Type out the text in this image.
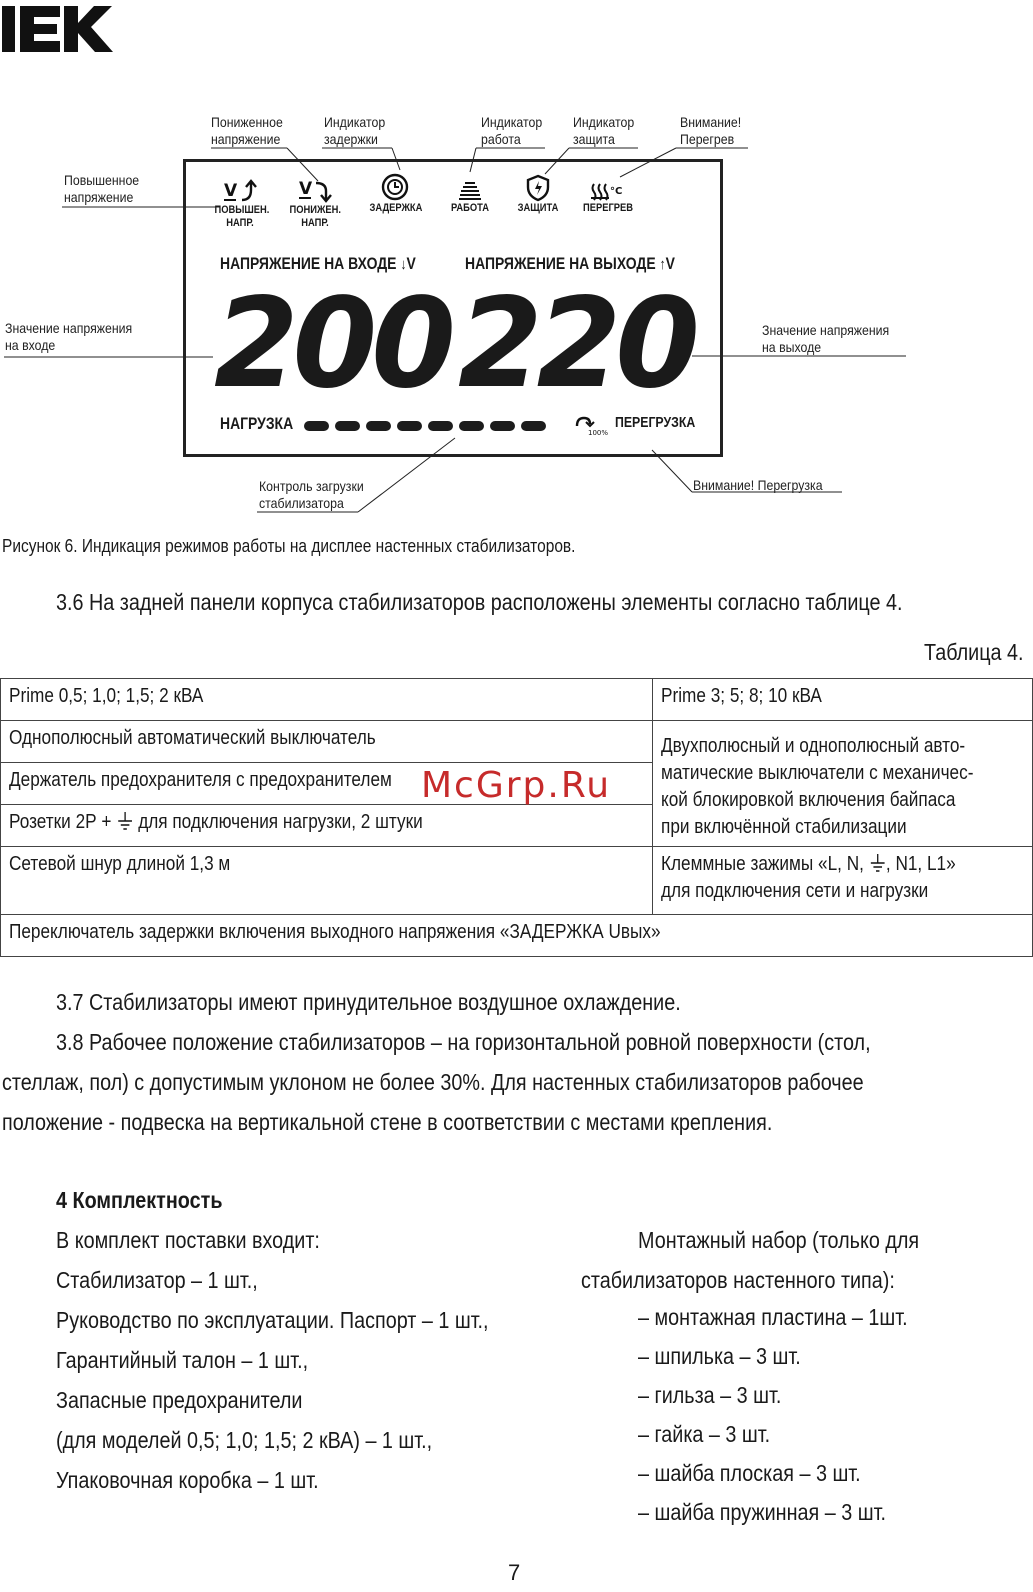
Пониженное
напряжение
Индикатор
задержки
Индикатор
работа
Индикатор
защита
Внимание!
Перегрев
Повышенное
напряжение
Значение напряжения
на входе
Значение напряжения
на выходе
Контроль загрузки
стабилизатора
Внимание! Перегрузка
V
ПОВЫШЕН.
НАПР.
V
ПОНИЖЕН.
НАПР.
ЗАДЕРЖКА	РАБОТА	ЗАЩИТА
°C
ПЕРЕГРЕВ
НАПРЯЖЕНИЕ НА ВХОДЕ ↓V	НАПРЯЖЕНИЕ НА ВЫХОДЕ ↑V
200 220
НАГРУЗКА	100%
ПЕРЕГРУЗКА
Рисунок 6. Индикация режимов работы на дисплее настенных стабилизаторов.
3.6 На задней панели корпуса стабилизаторов расположены элементы согласно таблице 4.
Таблица 4.
Prime 0,5; 1,0; 1,5; 2 кВА	Prime 3; 5; 8; 10 кВА
Однополюсный автоматический выключатель	Двухполюсный и однополюсный авто-
матические выключатели с механичес-
кой блокировкой включения байпаса
при включённой стабилизации

Держатель предохранителя с предохранителем	
Розетки 2Р +  для подключения нагрузки, 2 штуки	
Сетевой шнур длиной 1,3 м	Клеммные зажимы «L, N, , N1, L1»
для подключения сети и нагрузки

Переключатель задержки включения выходного напряжения «ЗАДЕРЖКА Uвых»	
McGrp.Ru
3.7 Стабилизаторы имеют принудительное воздушное охлаждение.
3.8 Рабочее положение стабилизаторов – на горизонтальной ровной поверхности (стол,
стеллаж, пол) с допустимым уклоном не более 30%. Для настенных стабилизаторов рабочее
положение - подвеска на вертикальной стене в соответствии с местами крепления.
4 Комплектность
В комплект поставки входит:
Стабилизатор – 1 шт.,
Руководство по эксплуатации. Паспорт – 1 шт.,
Гарантийный талон – 1 шт.,
Запасные предохранители
(для моделей 0,5; 1,0; 1,5; 2 кВА) – 1 шт.,
Упаковочная коробка – 1 шт.
Монтажный набор (только для
стабилизаторов настенного типа):
– монтажная пластина – 1шт.
– шпилька – 3 шт.
– гильза – 3 шт.
– гайка – 3 шт.
– шайба плоская – 3 шт.
– шайба пружинная – 3 шт.
7
